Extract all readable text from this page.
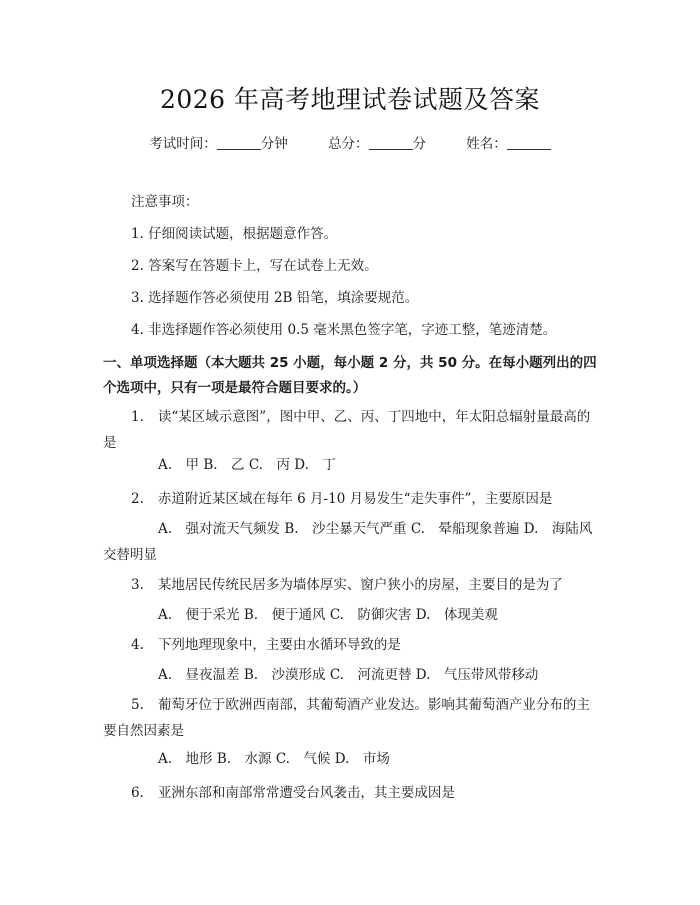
2026 年高考地理试卷试题及答案
考试时间：	分钟	总分：	分	姓名：
注意事项：
1. 仔细阅读试题，根据题意作答。
2. 答案写在答题卡上，写在试卷上无效。
3. 选择题作答必须使用 2B 铅笔，填涂要规范。
4. 非选择题作答必须使用 0.5 毫米黑色签字笔，字迹工整，笔迹清楚。
一、单项选择题（本大题共 25 小题，每小题 2 分，共 50 分。在每小题列出的四个选项中，只有一项是最符合题目要求的。）
1. 读“某区域示意图”，图中甲、乙、丙、丁四地中，年太阳总辐射量最高的是
A.　甲 B.　乙 C.　丙 D.　丁
2. 赤道附近某区域在每年 6 月-10 月易发生“走失事件”，主要原因是
A.　强对流天气频发 B.　沙尘暴天气严重 C.　晕船现象普遍 D.　海陆风交替明显
3. 某地居民传统民居多为墙体厚实、窗户狭小的房屋，主要目的是为了
A.　便于采光 B.　便于通风 C.　防御灾害 D.　体现美观
4. 下列地理现象中，主要由水循环导致的是
A.　昼夜温差 B.　沙漠形成 C.　河流更替 D.　气压带风带移动
5. 葡萄牙位于欧洲西南部，其葡萄酒产业发达。影响其葡萄酒产业分布的主要自然因素是
A.　地形 B.　水源 C.　气候 D.　市场
6. 亚洲东部和南部常常遭受台风袭击，其主要成因是
